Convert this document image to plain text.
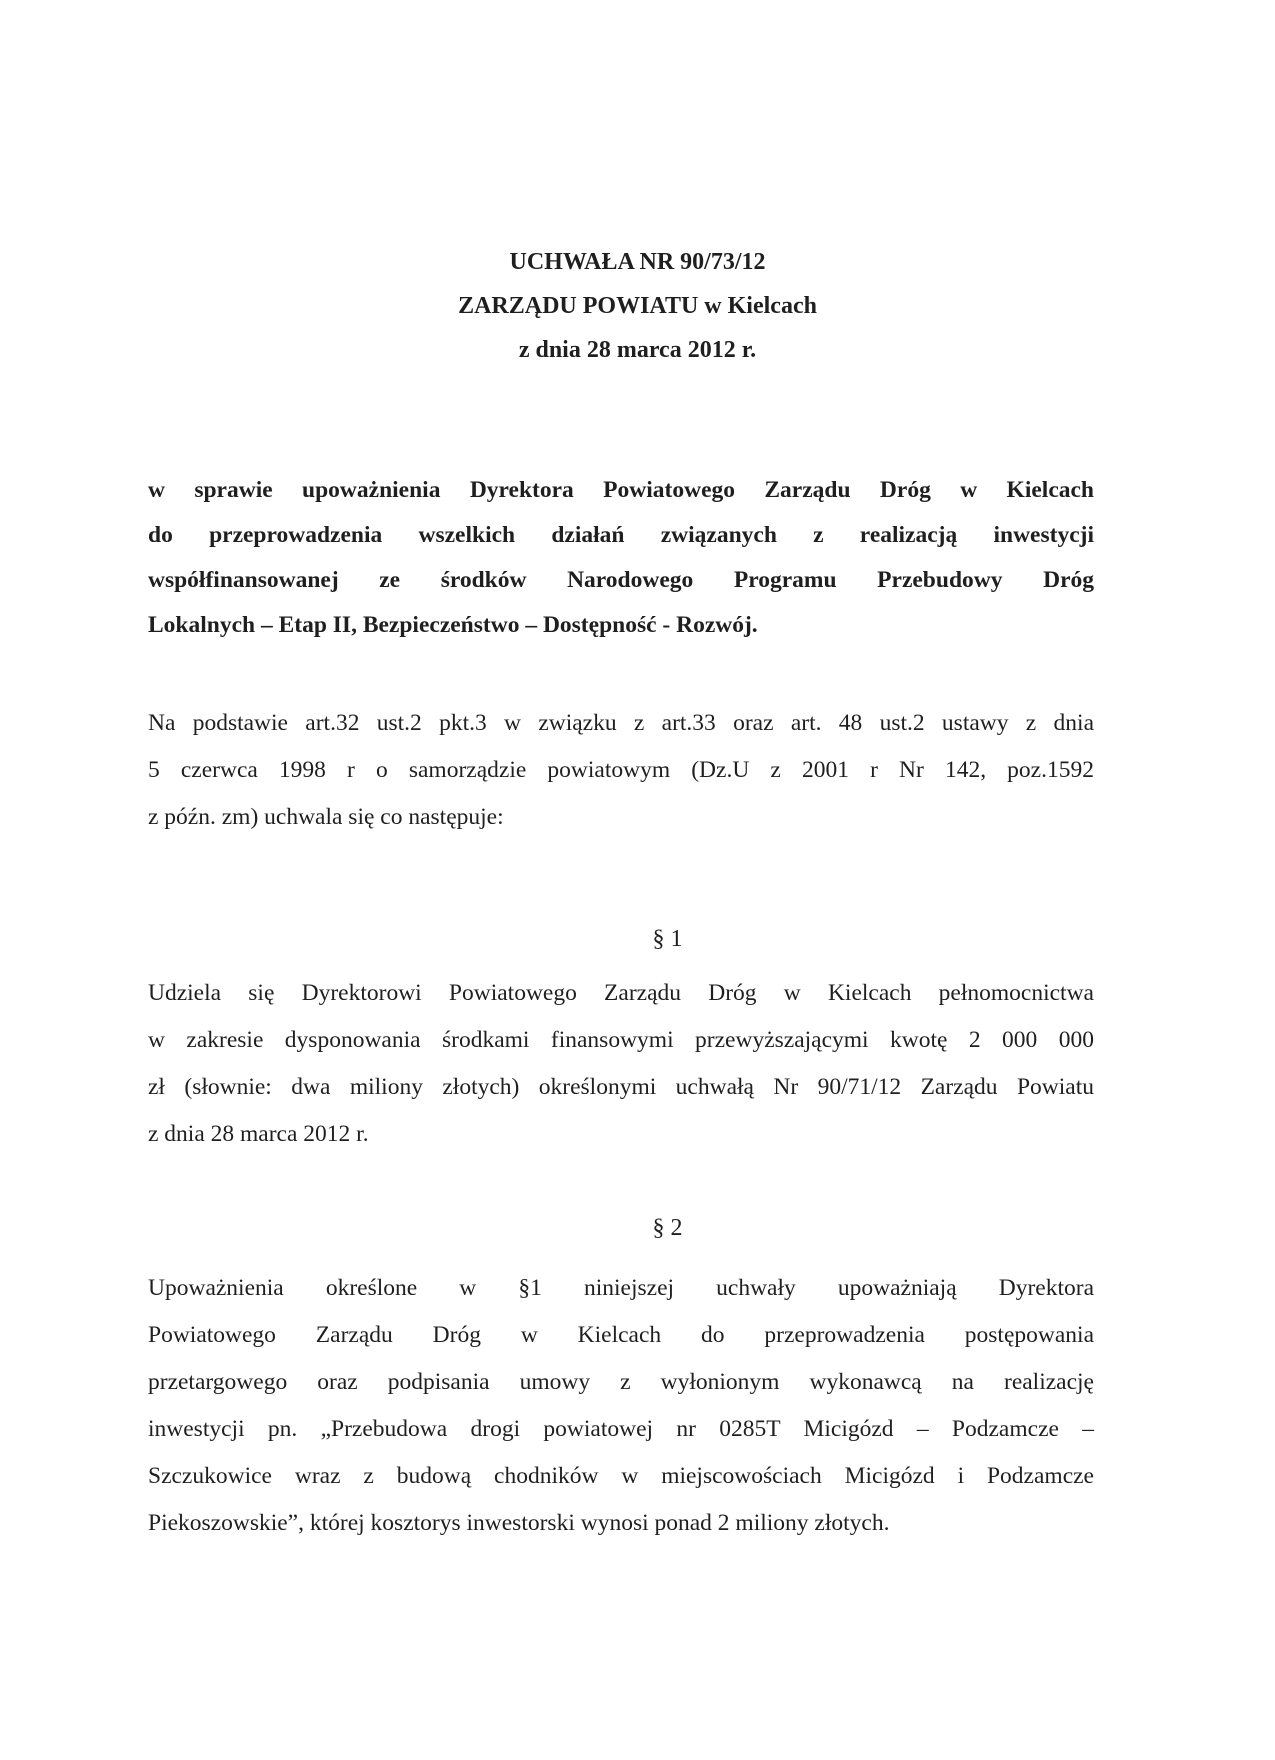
UCHWAŁA NR 90/73/12
ZARZĄDU POWIATU w Kielcach
z dnia 28 marca 2012 r.
w sprawie upoważnienia Dyrektora Powiatowego Zarządu Dróg w Kielcach
do przeprowadzenia wszelkich działań związanych z realizacją inwestycji
współfinansowanej ze środków Narodowego Programu Przebudowy Dróg
Lokalnych – Etap II, Bezpieczeństwo – Dostępność - Rozwój.
Na podstawie art.32 ust.2 pkt.3 w związku z art.33 oraz art. 48 ust.2 ustawy z dnia
5 czerwca 1998 r o samorządzie powiatowym (Dz.U z 2001 r Nr 142, poz.1592
z późn. zm) uchwala się co następuje:
§ 1
Udziela się Dyrektorowi Powiatowego Zarządu Dróg w Kielcach pełnomocnictwa
w zakresie dysponowania środkami finansowymi przewyższającymi kwotę 2 000 000
zł (słownie: dwa miliony złotych) określonymi uchwałą Nr 90/71/12 Zarządu Powiatu
z dnia 28 marca 2012 r.
§ 2
Upoważnienia określone w §1 niniejszej uchwały upoważniają Dyrektora
Powiatowego Zarządu Dróg w Kielcach do przeprowadzenia postępowania
przetargowego oraz podpisania umowy z wyłonionym wykonawcą na realizację
inwestycji pn. „Przebudowa drogi powiatowej nr 0285T Micigózd – Podzamcze –
Szczukowice wraz z budową chodników w miejscowościach Micigózd i Podzamcze
Piekoszowskie”, której kosztorys inwestorski wynosi ponad 2 miliony złotych.
